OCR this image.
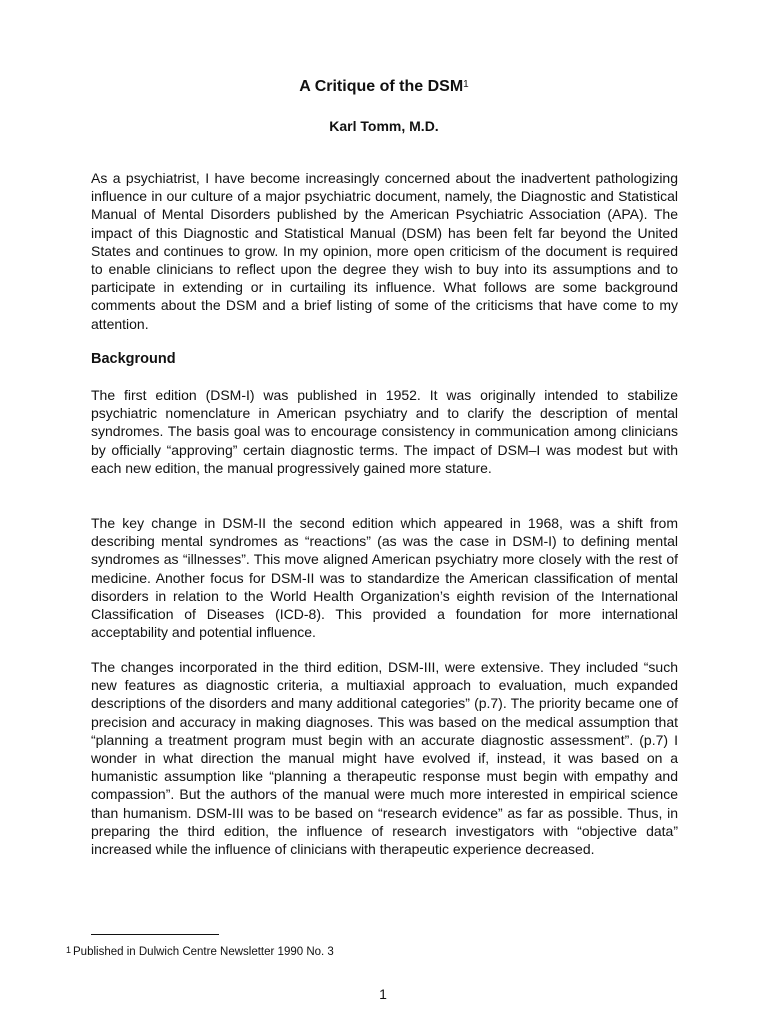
A Critique of the DSM$^1$
Karl Tomm, M.D.

As a psychiatrist, I have become increasingly concerned about the inadvertent pathologizing influence in our culture of a major psychiatric document, namely, the Diagnostic and Statistical Manual of Mental Disorders published by the American Psychiatric Association (APA). The impact of this Diagnostic and Statistical Manual (DSM) has been felt far beyond the United States and continues to grow. In my opinion, more open criticism of the document is required to enable clinicians to reflect upon the degree they wish to buy into its assumptions and to participate in extending or in curtailing its influence. What follows are some background comments about the DSM and a brief listing of some of the criticisms that have come to my attention.

Background

The first edition (DSM-I) was published in 1952. It was originally intended to stabilize psychiatric nomenclature in American psychiatry and to clarify the description of mental syndromes. The basis goal was to encourage consistency in communication among clinicians by officially “approving” certain diagnostic terms. The impact of DSM–I was modest but with each new edition, the manual progressively gained more stature.

The key change in DSM-II the second edition which appeared in 1968, was a shift from describing mental syndromes as “reactions” (as was the case in DSM-I) to defining mental syndromes as “illnesses”. This move aligned American psychiatry more closely with the rest of medicine. Another focus for DSM-II was to standardize the American classification of mental disorders in relation to the World Health Organization’s eighth revision of the International Classification of Diseases (ICD-8). This provided a foundation for more international acceptability and potential influence.

The changes incorporated in the third edition, DSM-III, were extensive. They included “such new features as diagnostic criteria, a multiaxial approach to evaluation, much expanded descriptions of the disorders and many additional categories” (p.7). The priority became one of precision and accuracy in making diagnoses. This was based on the medical assumption that “planning a treatment program must begin with an accurate diagnostic assessment”. (p.7) I wonder in what direction the manual might have evolved if, instead, it was based on a humanistic assumption like “planning a therapeutic response must begin with empathy and compassion”. But the authors of the manual were much more interested in empirical science than humanism. DSM-III was to be based on “research evidence” as far as possible. Thus, in preparing the third edition, the influence of research investigators with “objective data” increased while the influence of clinicians with therapeutic experience decreased.

$^1$ Published in Dulwich Centre Newsletter 1990 No. 3
1
